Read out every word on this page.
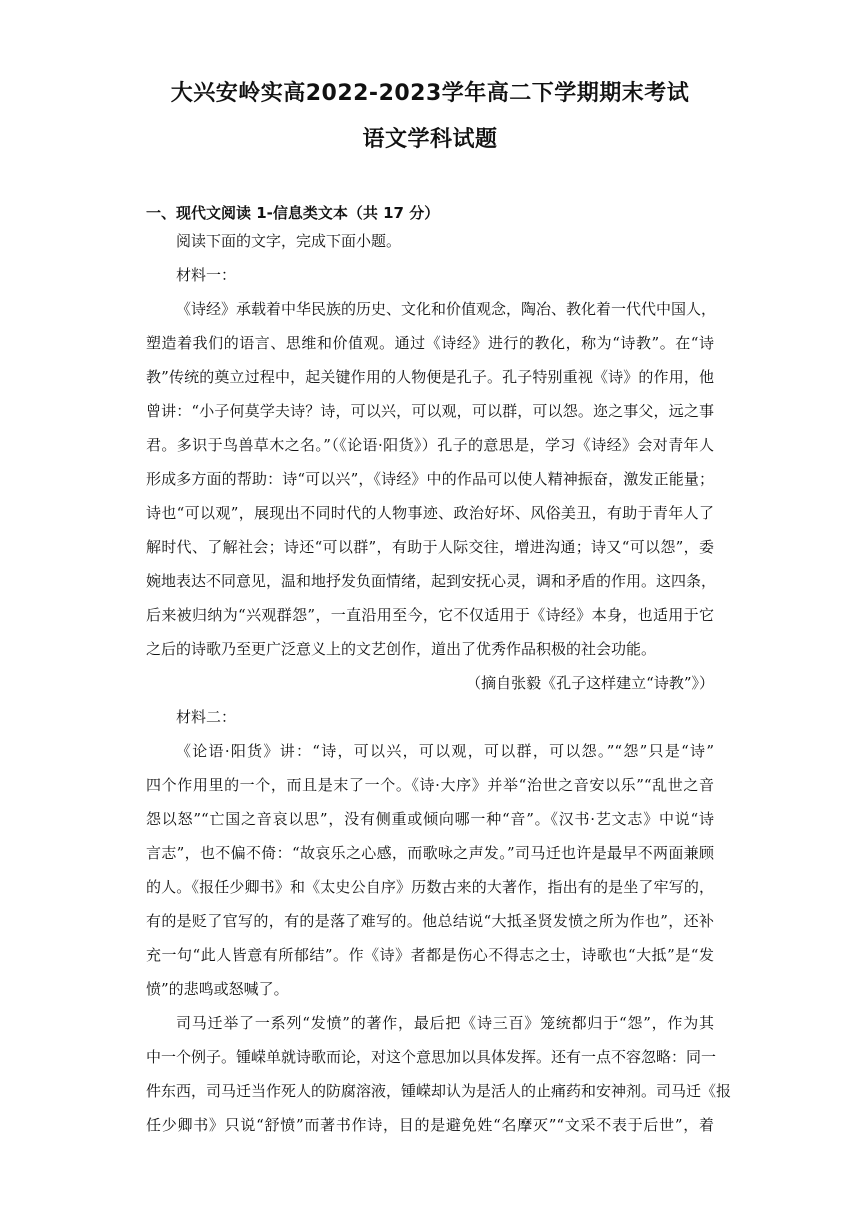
大兴安岭实高2022-2023学年高二下学期期末考试
语文学科试题
一、现代文阅读 1-信息类文本（共 17 分）

阅读下面的文字，完成下面小题。

材料一：

《诗经》承载着中华民族的历史、文化和价值观念，陶冶、教化着一代代中国人，
塑造着我们的语言、思维和价值观。通过《诗经》进行的教化，称为“诗教”。在“诗
教”传统的奠立过程中，起关键作用的人物便是孔子。孔子特别重视《诗》的作用，他
曾讲：“小子何莫学夫诗？诗，可以兴，可以观，可以群，可以怨。迩之事父，远之事
君。多识于鸟兽草木之名。”（《论语·阳货》）孔子的意思是，学习《诗经》会对青年人
形成多方面的帮助：诗“可以兴”，《诗经》中的作品可以使人精神振奋，激发正能量；
诗也“可以观”，展现出不同时代的人物事迹、政治好坏、风俗美丑，有助于青年人了
解时代、了解社会；诗还“可以群”，有助于人际交往，增进沟通；诗又“可以怨”，委
婉地表达不同意见，温和地抒发负面情绪，起到安抚心灵，调和矛盾的作用。这四条，
后来被归纳为“兴观群怨”，一直沿用至今，它不仅适用于《诗经》本身，也适用于它
之后的诗歌乃至更广泛意义上的文艺创作，道出了优秀作品积极的社会功能。

（摘自张毅《孔子这样建立“诗教”》）

材料二：

《论语·阳货》讲：“诗，可以兴，可以观，可以群，可以怨。”“怨”只是“诗”
四个作用里的一个，而且是末了一个。《诗·大序》并举“治世之音安以乐”“乱世之音
怨以怒”“亡国之音哀以思”，没有侧重或倾向哪一种“音”。《汉书·艺文志》中说“诗
言志”，也不偏不倚：“故哀乐之心感，而歌咏之声发。”司马迁也许是最早不两面兼顾
的人。《报任少卿书》和《太史公自序》历数古来的大著作，指出有的是坐了牢写的，
有的是贬了官写的，有的是落了难写的。他总结说“大抵圣贤发愤之所为作也”，还补
充一句“此人皆意有所郁结”。作《诗》者都是伤心不得志之士，诗歌也“大抵”是“发
愤”的悲鸣或怒喊了。
司马迁举了一系列“发愤”的著作，最后把《诗三百》笼统都归于“怨”，作为其
中一个例子。锺嵘单就诗歌而论，对这个意思加以具体发挥。还有一点不容忽略：同一
件东西，司马迁当作死人的防腐溶液，锺嵘却认为是活人的止痛药和安神剂。司马迁《报
任少卿书》只说“舒愤”而著书作诗，目的是避免姓“名摩灭”“文采不表于后世”，着
